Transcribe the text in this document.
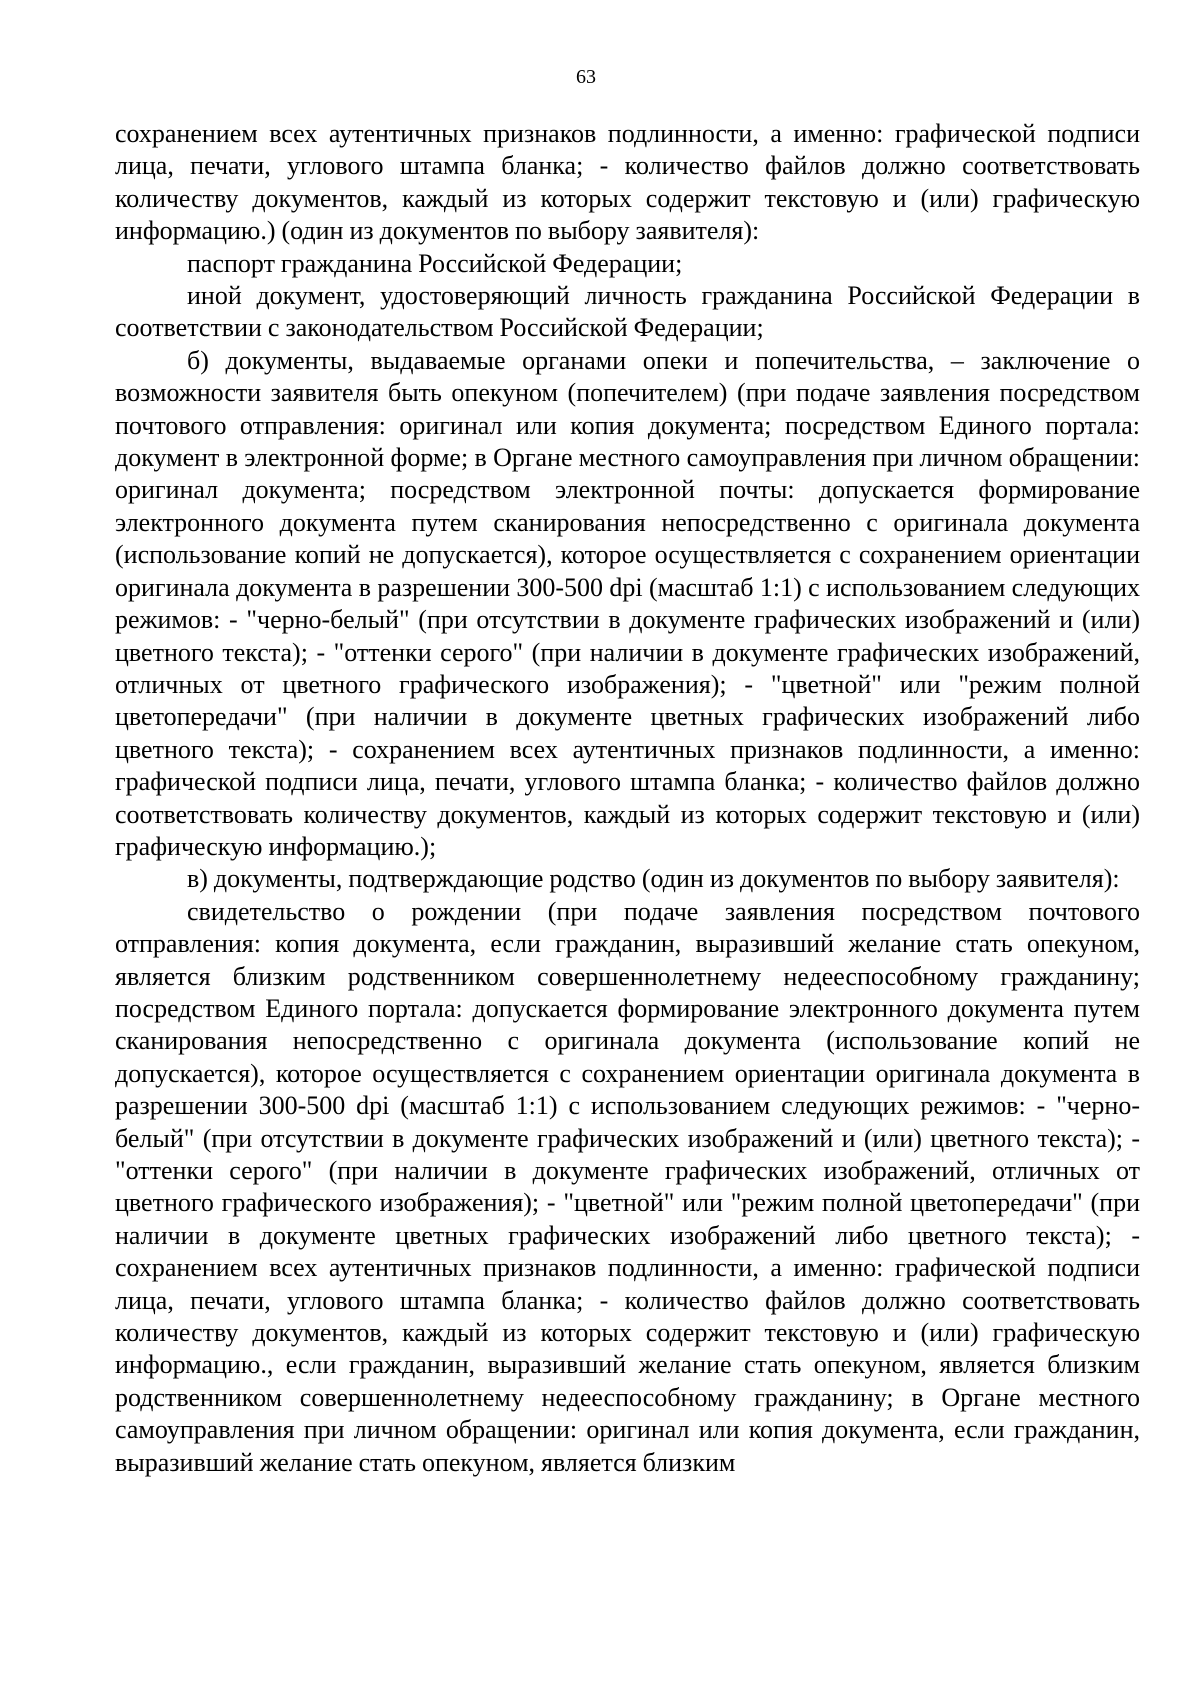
63

сохранением всех аутентичных признаков подлинности, а именно: графической подписи лица, печати, углового штампа бланка; - количество файлов должно соответствовать количеству документов, каждый из которых содержит текстовую и (или) графическую информацию.) (один из документов по выбору заявителя):

паспорт гражданина Российской Федерации;

иной документ, удостоверяющий личность гражданина Российской Федерации в соответствии с законодательством Российской Федерации;

б) документы, выдаваемые органами опеки и попечительства, – заключение о возможности заявителя быть опекуном (попечителем) (при подаче заявления посредством почтового отправления: оригинал или копия документа; посредством Единого портала: документ в электронной форме; в Органе местного самоуправления при личном обращении: оригинал документа; посредством электронной почты: допускается формирование электронного документа путем сканирования непосредственно с оригинала документа (использование копий не допускается), которое осуществляется с сохранением ориентации оригинала документа в разрешении 300-500 dpi (масштаб 1:1) с использованием следующих режимов: - "черно-белый" (при отсутствии в документе графических изображений и (или) цветного текста); - "оттенки серого" (при наличии в документе графических изображений, отличных от цветного графического изображения); - "цветной" или "режим полной цветопередачи" (при наличии в документе цветных графических изображений либо цветного текста); - сохранением всех аутентичных признаков подлинности, а именно: графической подписи лица, печати, углового штампа бланка; - количество файлов должно соответствовать количеству документов, каждый из которых содержит текстовую и (или) графическую информацию.);

в) документы, подтверждающие родство (один из документов по выбору заявителя):

свидетельство о рождении (при подаче заявления посредством почтового отправления: копия документа, если гражданин, выразивший желание стать опекуном, является близким родственником совершеннолетнему недееспособному гражданину; посредством Единого портала: допускается формирование электронного документа путем сканирования непосредственно с оригинала документа (использование копий не допускается), которое осуществляется с сохранением ориентации оригинала документа в разрешении 300-500 dpi (масштаб 1:1) с использованием следующих режимов: - "черно-белый" (при отсутствии в документе графических изображений и (или) цветного текста); - "оттенки серого" (при наличии в документе графических изображений, отличных от цветного графического изображения); - "цветной" или "режим полной цветопередачи" (при наличии в документе цветных графических изображений либо цветного текста); - сохранением всех аутентичных признаков подлинности, а именно: графической подписи лица, печати, углового штампа бланка; - количество файлов должно соответствовать количеству документов, каждый из которых содержит текстовую и (или) графическую информацию., если гражданин, выразивший желание стать опекуном, является близким родственником совершеннолетнему недееспособному гражданину; в Органе местного самоуправления при личном обращении: оригинал или копия документа, если гражданин, выразивший желание стать опекуном, является близким
